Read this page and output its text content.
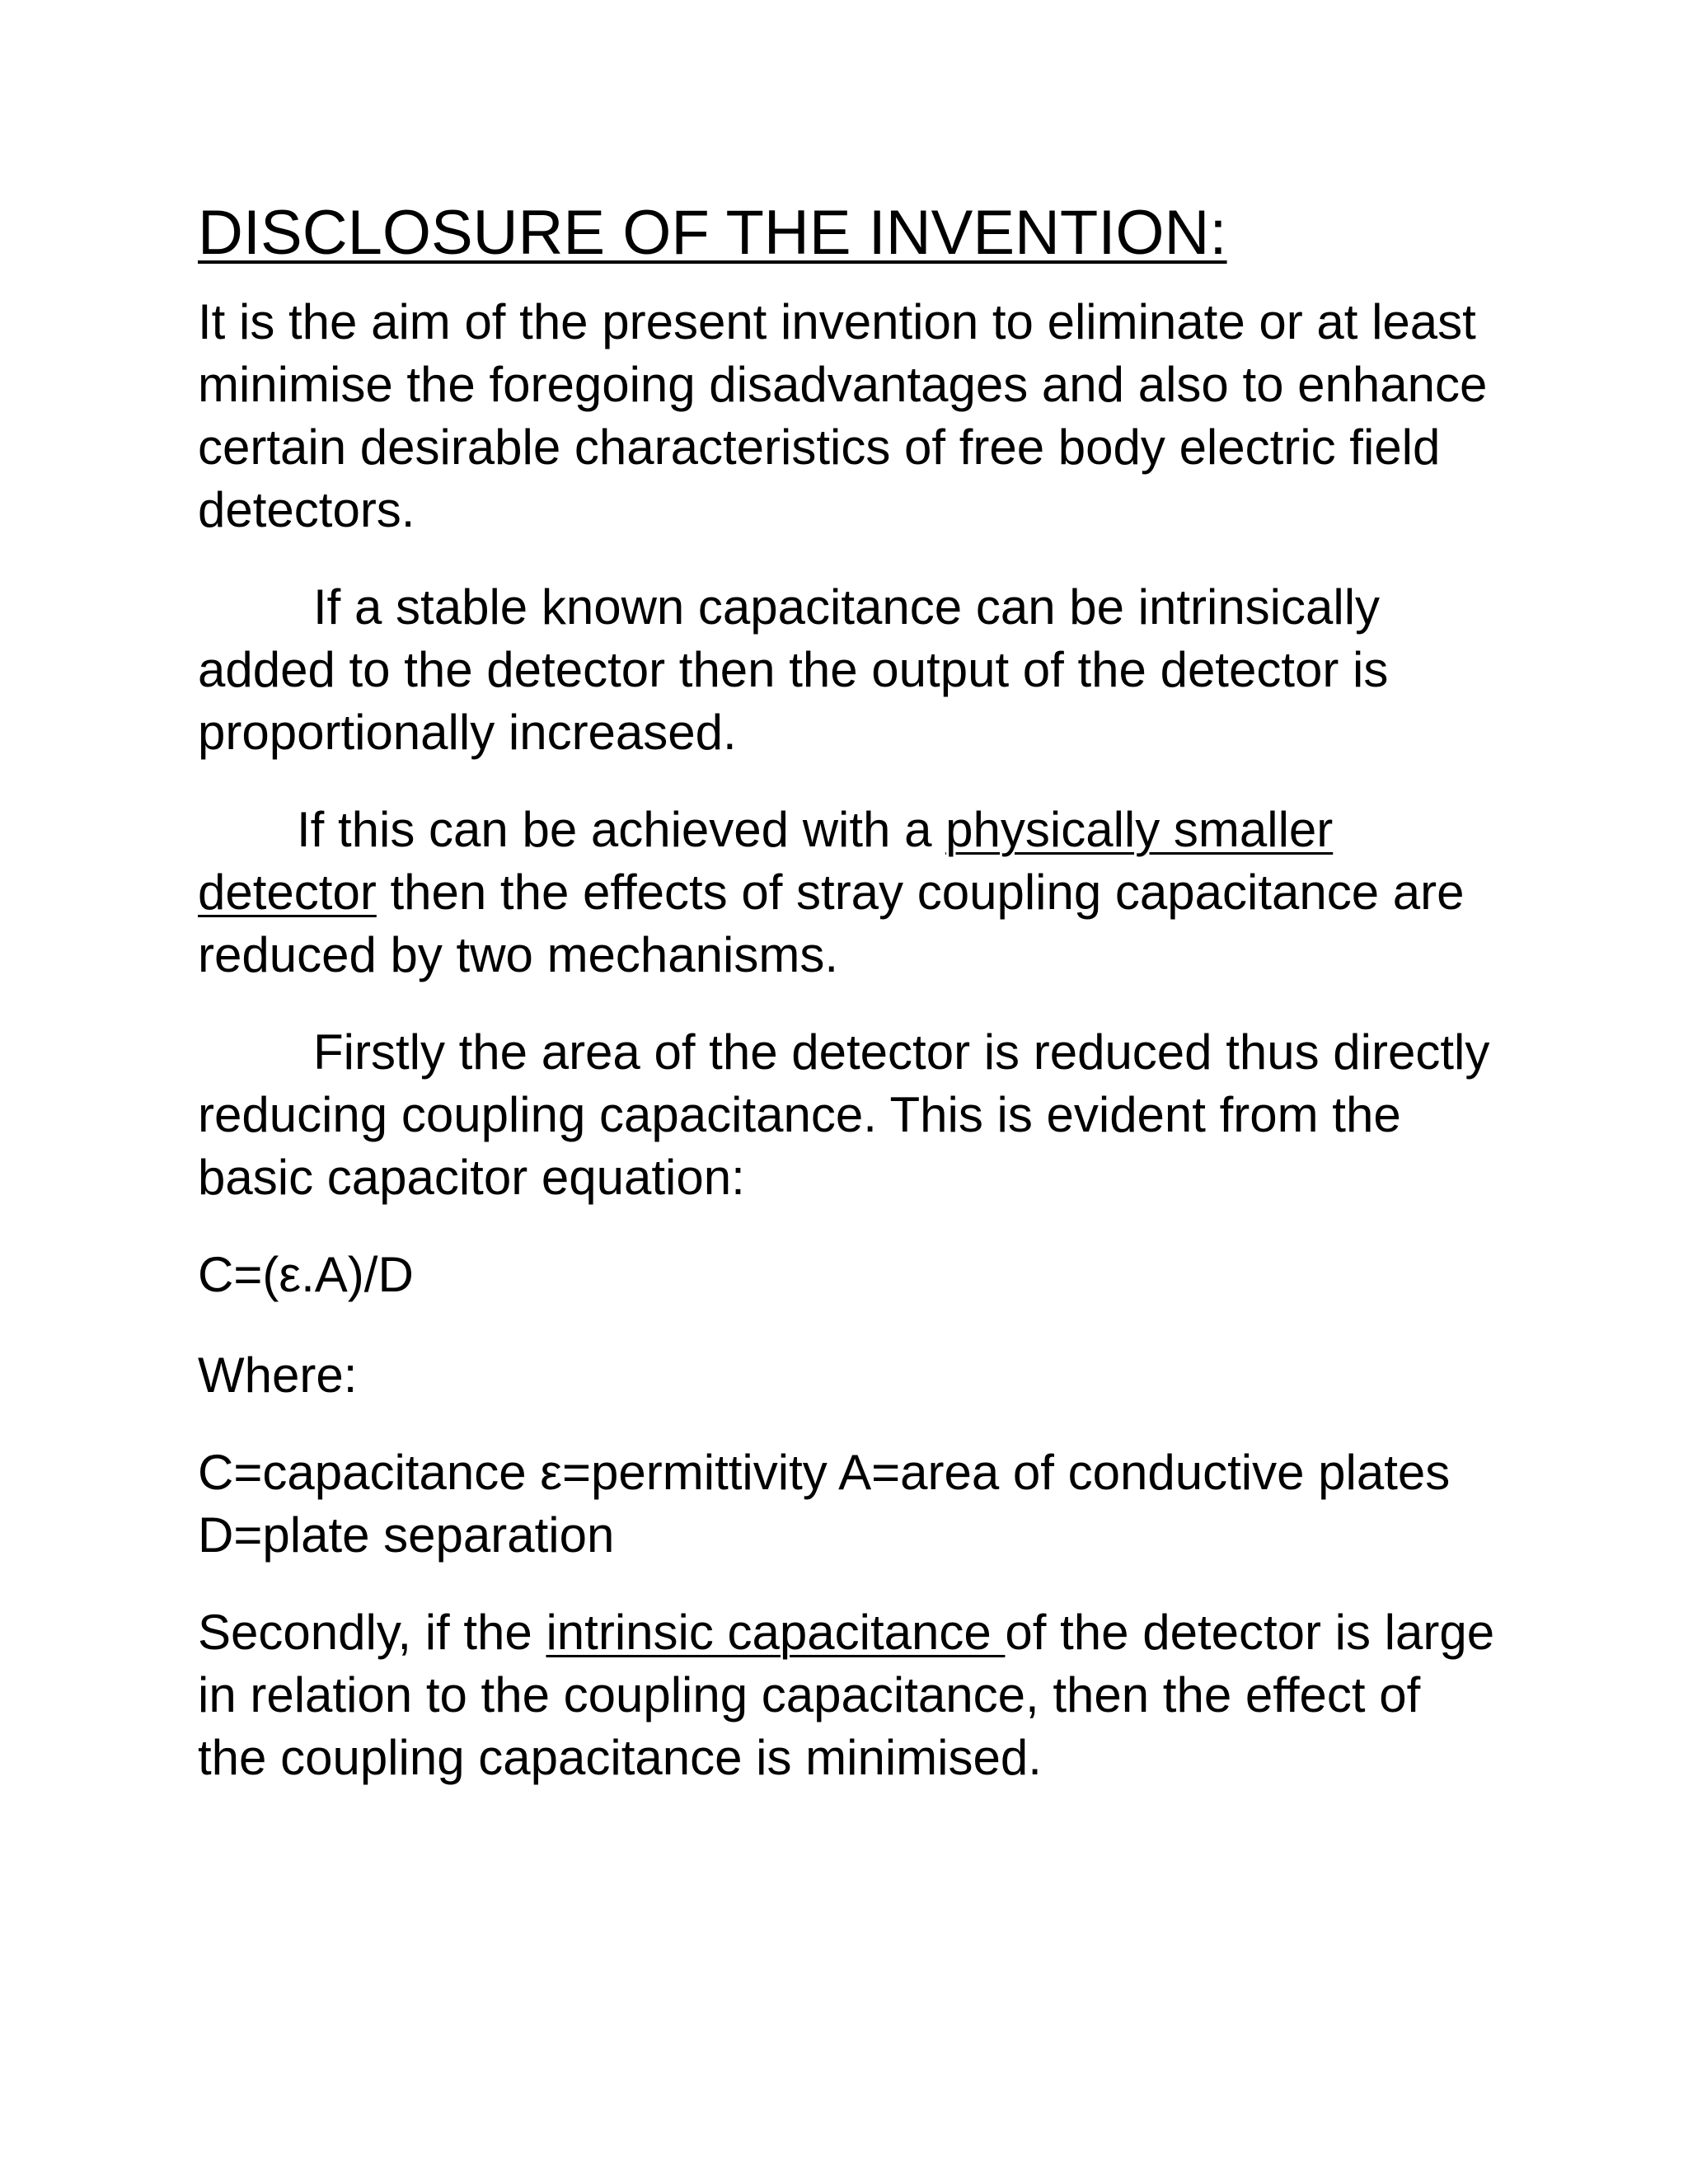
DISCLOSURE OF THE INVENTION:

It is the aim of the present invention to eliminate or at least minimise the foregoing disadvantages and also to enhance certain desirable characteristics of free body electric field detectors.

If a stable known capacitance can be intrinsically added to the detector then the output of the detector is proportionally increased.

If this can be achieved with a physically smaller detector then the effects of stray coupling capacitance are reduced by two mechanisms.

Firstly the area of the detector is reduced thus directly reducing coupling capacitance. This is evident from the basic capacitor equation:

C=(ε.A)/D

Where:

C=capacitance ε=permittivity A=area of conductive plates D=plate separation

Secondly, if the intrinsic capacitance of the detector is large in relation to the coupling capacitance, then the effect of the coupling capacitance is minimised.
